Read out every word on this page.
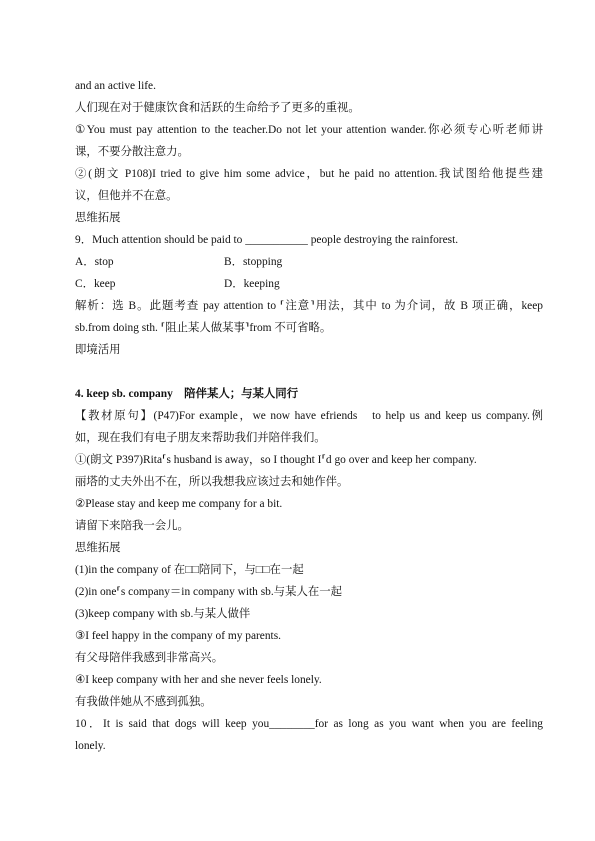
and an active life.
人们现在对于健康饮食和活跃的生命给予了更多的重视。
①You must pay attention to the teacher.Do not let your attention wander.你必须专心听老师讲
课，不要分散注意力。
②(朗文 P108)I tried to give him some advice，but he paid no attention.我试图给他提些建
议，但他并不在意。
思维拓展
9．Much attention should be paid to ___________ people destroying the rainforest.
A．stop	B．stopping
C．keep	D．keeping
解析：选 B。此题考查 pay attention to ⸢注意⸣用法，其中 to 为介词，故 B 项正确，keep
sb.from doing sth. ⸢阻止某人做某事⸣from 不可省略。
即境活用
4. keep sb. company　陪伴某人；与某人同行
【教材原句】(P47)For example，we now have efriends　to help us and keep us company.例
如，现在我们有电子朋友来帮助我们并陪伴我们。
①(朗文 P397)Rita⸢s husband is away，so I thought I⸢d go over and keep her company.
丽塔的丈夫外出不在，所以我想我应该过去和她作伴。
②Please stay and keep me company for a bit.
请留下来陪我一会儿。
思维拓展
(1)in the company of 在□□陪同下，与□□在一起
(2)in one⸢s company＝in company with sb.与某人在一起
(3)keep company with sb.与某人做伴
③I feel happy in the company of my parents.
有父母陪伴我感到非常高兴。
④I keep company with her and she never feels lonely.
有我做伴她从不感到孤独。
10．It is said that dogs will keep you________for as long as you want when you are feeling
lonely.
